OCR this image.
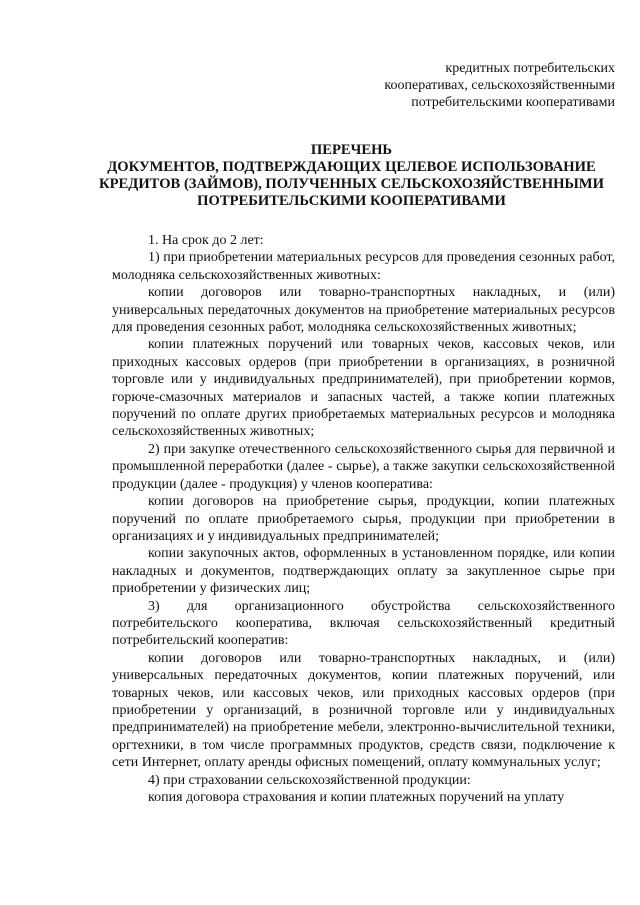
кредитных потребительских
кооперативах, сельскохозяйственными
потребительскими кооперативами
ПЕРЕЧЕНЬ
ДОКУМЕНТОВ, ПОДТВЕРЖДАЮЩИХ ЦЕЛЕВОЕ ИСПОЛЬЗОВАНИЕ
КРЕДИТОВ (ЗАЙМОВ), ПОЛУЧЕННЫХ СЕЛЬСКОХОЗЯЙСТВЕННЫМИ
ПОТРЕБИТЕЛЬСКИМИ КООПЕРАТИВАМИ

1. На срок до 2 лет:

1) при приобретении материальных ресурсов для проведения сезонных работ, молодняка сельскохозяйственных животных:

копии договоров или товарно-транспортных накладных, и (или) универсальных передаточных документов на приобретение материальных ресурсов для проведения сезонных работ, молодняка сельскохозяйственных животных;

копии платежных поручений или товарных чеков, кассовых чеков, или приходных кассовых ордеров (при приобретении в организациях, в розничной торговле или у индивидуальных предпринимателей), при приобретении кормов, горюче-смазочных материалов и запасных частей, а также копии платежных поручений по оплате других приобретаемых материальных ресурсов и молодняка сельскохозяйственных животных;

2) при закупке отечественного сельскохозяйственного сырья для первичной и промышленной переработки (далее - сырье), а также закупки сельскохозяйственной продукции (далее - продукция) у членов кооператива:

копии договоров на приобретение сырья, продукции, копии платежных поручений по оплате приобретаемого сырья, продукции при приобретении в организациях и у индивидуальных предпринимателей;

копии закупочных актов, оформленных в установленном порядке, или копии накладных и документов, подтверждающих оплату за закупленное сырье при приобретении у физических лиц;

3) для организационного обустройства сельскохозяйственного потребительского кооператива, включая сельскохозяйственный кредитный потребительский кооператив:

копии договоров или товарно-транспортных накладных, и (или) универсальных передаточных документов, копии платежных поручений, или товарных чеков, или кассовых чеков, или приходных кассовых ордеров (при приобретении у организаций, в розничной торговле или у индивидуальных предпринимателей) на приобретение мебели, электронно-вычислительной техники, оргтехники, в том числе программных продуктов, средств связи, подключение к сети Интернет, оплату аренды офисных помещений, оплату коммунальных услуг;

4) при страховании сельскохозяйственной продукции:

копия договора страхования и копии платежных поручений на уплату
